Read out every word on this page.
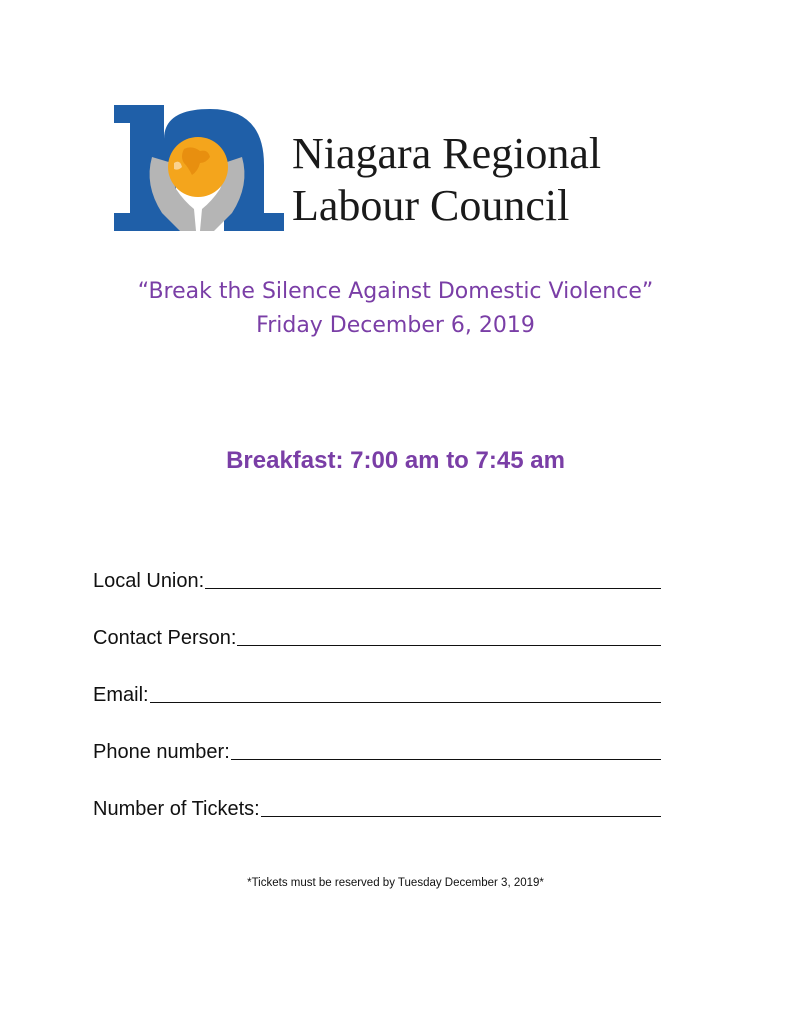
Niagara Regional
Labour Council
“Break the Silence Against Domestic Violence”
Friday December 6, 2019
Breakfast: 7:00 am to 7:45 am
Local Union:
Contact Person:
Email:
Phone number:
Number of Tickets:
*Tickets must be reserved by Tuesday December 3, 2019*
